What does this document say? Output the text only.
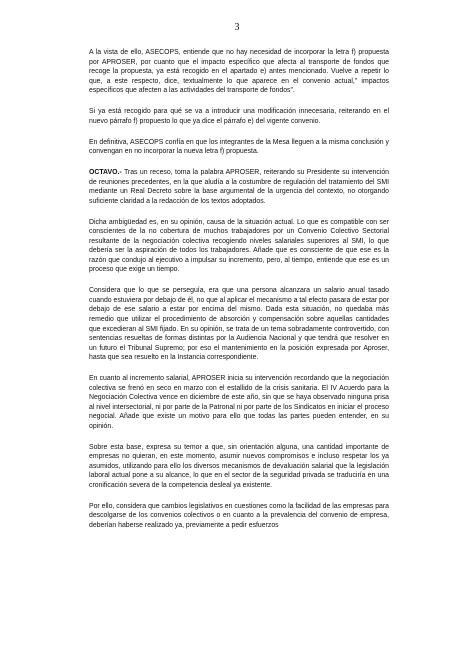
3

A la vista de ello, ASECOPS, entiende que no hay necesidad de incorporar la letra f) propuesta por APROSER, por cuanto que el impacto específico que afecta al transporte de fondos que recoge la propuesta, ya está recogido en el apartado e) antes mencionado. Vuelve a repetir lo que, a este respecto, dice, textualmente lo que aparece en el convenio actual," impactos específicos que afecten a las actividades del transporte de fondos".

Si ya está recogido para qué se va a introducir una modificación innecesaria, reiterando en el nuevo párrafo f) propuesto lo que ya dice el párrafo e) del vigente convenio.

En definitiva, ASECOPS confía en que los integrantes de la Mesa lleguen a la misma conclusión y convengan en no incorporar la nueva letra f) propuesta.

OCTAVO.- Tras un receso, toma la palabra APROSER, reiterando su Presidente su intervención de reuniones precedentes, en la que aludía a la costumbre de regulación del tratamiento del SMI mediante un Real Decreto sobre la base argumental de la urgencia del contexto, no otorgando suficiente claridad a la redacción de los textos adoptados.

Dicha ambigüedad es, en su opinión, causa de la situación actual. Lo que es compatible con ser conscientes de la no cobertura de muchos trabajadores por un Convenio Colectivo Sectorial resultante de la negociación colectiva recogiendo niveles salariales superiores al SMI, lo que debería ser la aspiración de todos los trabajadores. Añade que es consciente de que ese es la razón que condujo al ejecutivo a impulsar su incremento, pero, al tiempo, entiende que ese es un proceso que exige un tiempo.

Considera que lo que se perseguía, era que una persona alcanzara un salario anual tasado cuando estuviera por debajo de él, no que al aplicar el mecanismo a tal efecto pasara de estar por debajo de ese salario a estar por encima del mismo. Dada esta situación, no quedaba más remedio que utilizar el procedimiento de absorción y compensación sobre aquellas cantidades que excedieran al SMI fijado. En su opinión, se trata de un tema sobradamente controvertido, con sentencias resueltas de formas distintas por la Audiencia Nacional y que tendrá que resolver en un futuro el Tribunal Supremo; por eso el mantenimiento en la posición expresada por Aproser, hasta que sea resuelto en la Instancia correspondiente.

En cuanto al incremento salarial, APROSER inicia su intervención recordando que la negociación colectiva se frenó en seco en marzo con el estallido de la crisis sanitaria. El IV Acuerdo para la Negociación Colectiva vence en diciembre de este año, sin que se haya observado ninguna prisa al nivel intersectorial, ni por parte de la Patronal ni por parte de los Sindicatos en iniciar el proceso negocial. Añade que existe un motivo para ello que todas las partes pueden entender, en su opinión.

Sobre esta base, expresa su temor a que, sin orientación alguna, una cantidad importante de empresas no quieran, en este momento, asumir nuevos compromisos e incluso respetar los ya asumidos, utilizando para ello los diversos mecanismos de devaluación salarial que la legislación laboral actual pone a su alcance, lo que en el sector de la seguridad privada se traduciría en una cronificación severa de la competencia desleal ya existente.

Por ello, considera que cambios legislativos en cuestiones como la facilidad de las empresas para descolgarse de los convenios colectivos o en cuanto a la prevalencia del convenio de empresa, deberían haberse realizado ya, previamente a pedir esfuerzos
